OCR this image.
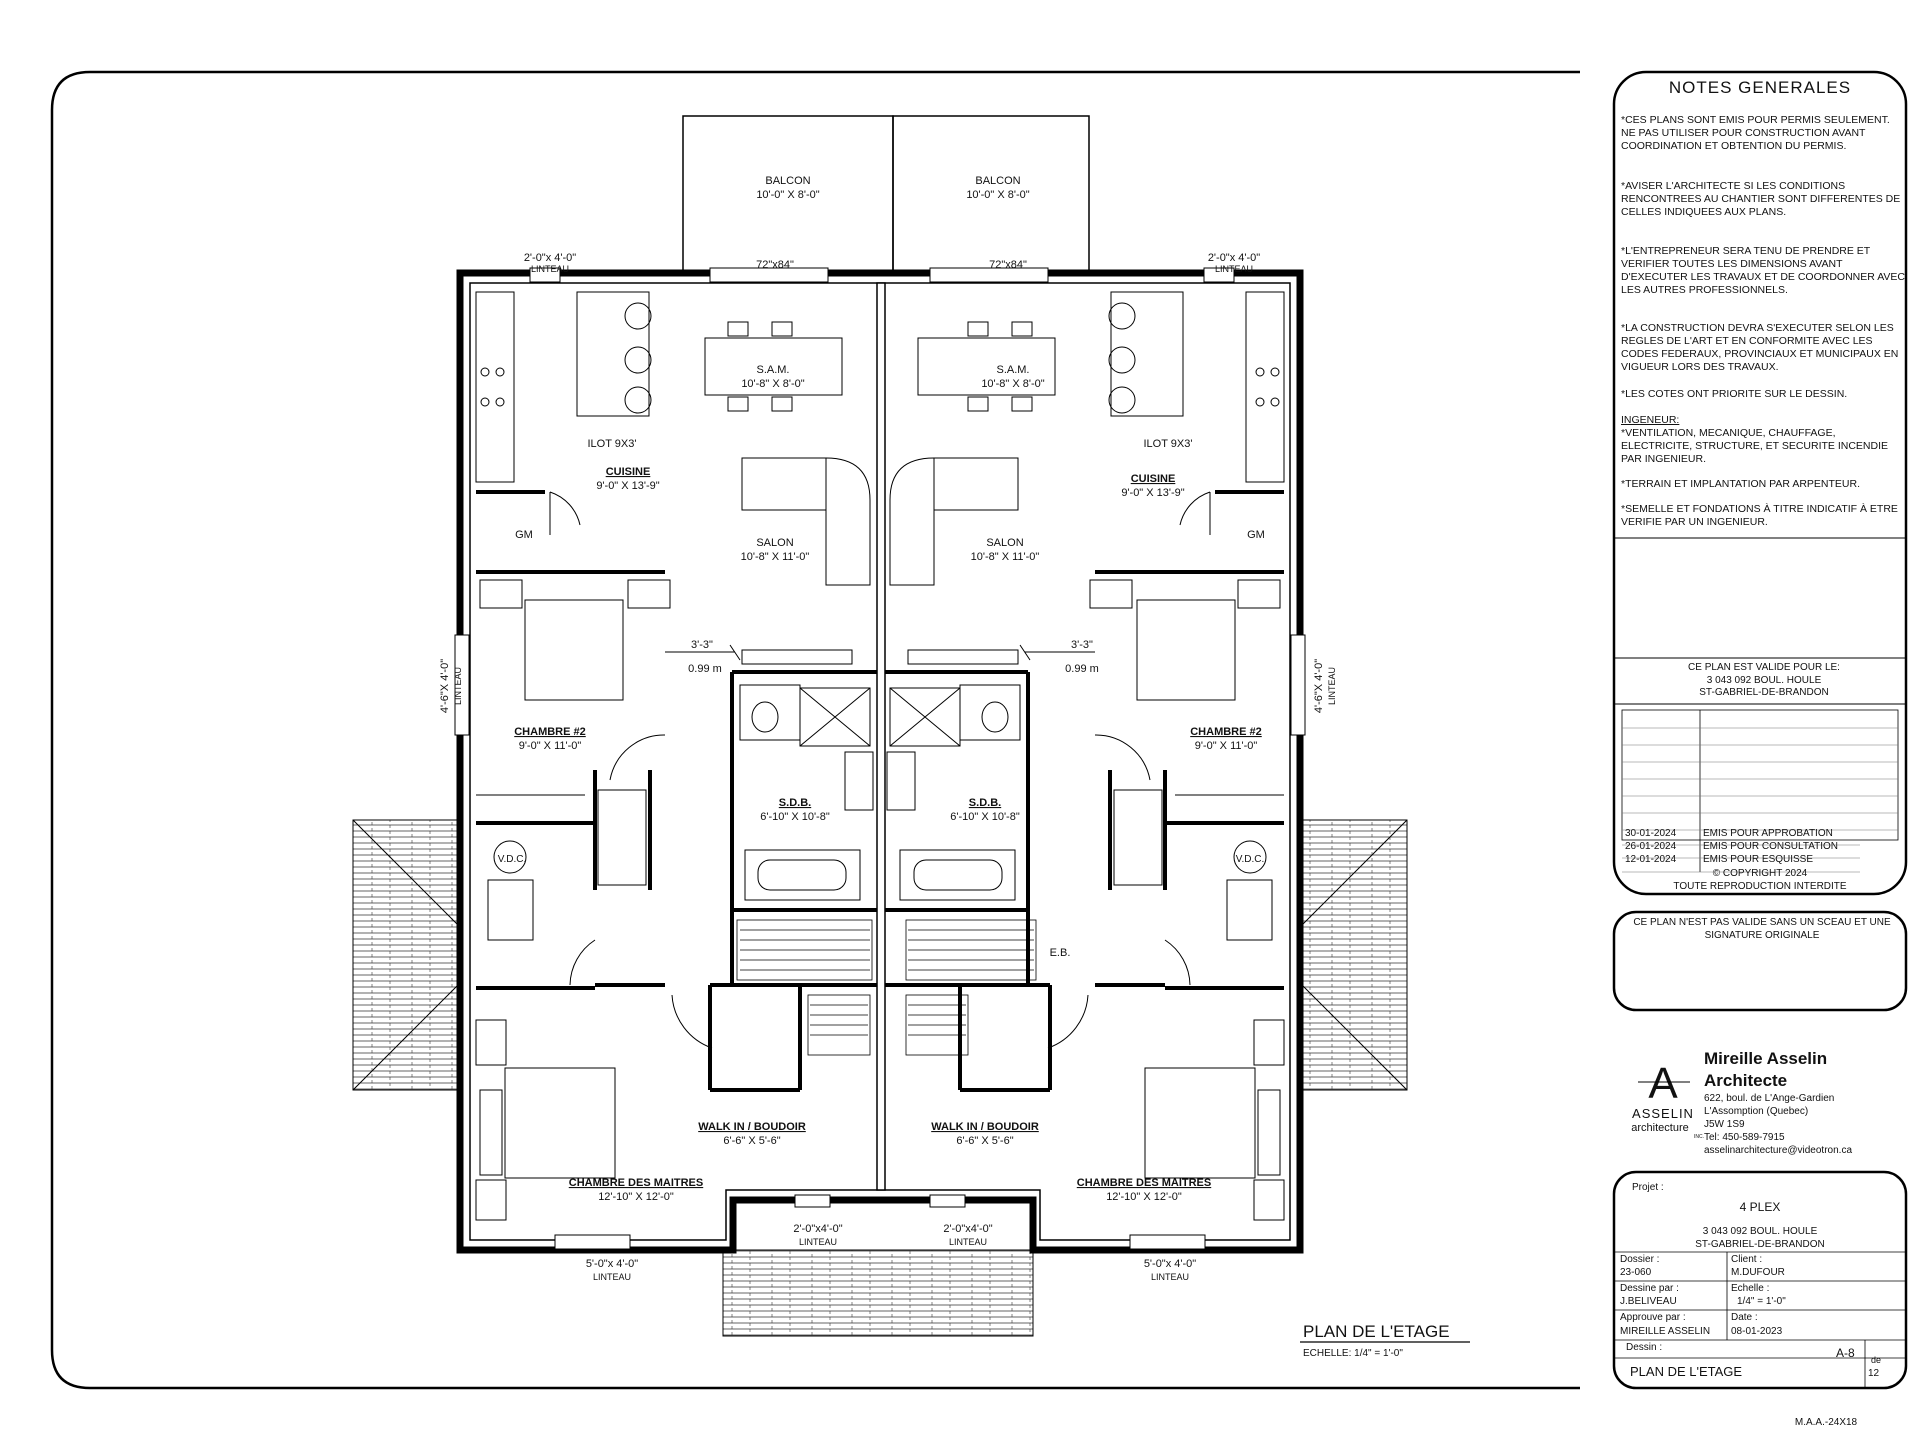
BALCON
10'-0" X 8'-0"
BALCON
10'-0" X 8'-0"
2'-0"x 4'-0"
LINTEAU
2'-0"x 4'-0"
LINTEAU
72"x84"	72"x84"
S.A.M.
10'-8" X 8'-0"
S.A.M.
10'-8" X 8'-0"
ILOT 9X3'	ILOT 9X3'
CUISINE
9'-0" X 13'-9"
CUISINE
9'-0" X 13'-9"
GM	GM
SALON
10'-8" X 11'-0"
SALON
10'-8" X 11'-0"
3'-3"
0.99 m
3'-3"
0.99 m
CHAMBRE #2
9'-0" X 11'-0"
CHAMBRE #2
9'-0" X 11'-0"
S.D.B.
6'-10" X 10'-8"
S.D.B.
6'-10" X 10'-8"
V.D.C.	V.D.C.
E.B.
WALK IN / BOUDOIR
6'-6" X 5'-6"
WALK IN / BOUDOIR
6'-6" X 5'-6"
CHAMBRE DES MAITRES
12'-10" X 12'-0"
CHAMBRE DES MAITRES
12'-10" X 12'-0"
2'-0"x4'-0"
LINTEAU
2'-0"x4'-0"
LINTEAU
5'-0"x 4'-0"
LINTEAU
5'-0"x 4'-0"
LINTEAU
4'-6"X 4'-0" LINTEAU	4'-6"X 4'-0" LINTEAU
PLAN DE L'ETAGE
ECHELLE: 1/4" = 1'-0"
A
ASSELIN
architecture
INC.
M.A.A.-24X18
NOTES GENERALES
*CES PLANS SONT EMIS POUR PERMIS SEULEMENT. NE PAS UTILISER POUR CONSTRUCTION AVANT COORDINATION ET OBTENTION DU PERMIS.
*AVISER L'ARCHITECTE SI LES CONDITIONS RENCONTREES AU CHANTIER SONT DIFFERENTES DE CELLES INDIQUEES AUX PLANS.
*L'ENTREPRENEUR SERA TENU DE PRENDRE ET VERIFIER TOUTES LES DIMENSIONS AVANT D'EXECUTER LES TRAVAUX ET DE COORDONNER AVEC LES AUTRES PROFESSIONNELS.
*LA CONSTRUCTION DEVRA S'EXECUTER SELON LES REGLES DE L'ART ET EN CONFORMITE AVEC LES CODES FEDERAUX, PROVINCIAUX ET MUNICIPAUX EN VIGUEUR LORS DES TRAVAUX.
*LES COTES ONT PRIORITE SUR LE DESSIN.
INGENEUR:
*VENTILATION, MECANIQUE, CHAUFFAGE, ELECTRICITE, STRUCTURE, ET SECURITE INCENDIE PAR INGENIEUR.
*TERRAIN ET IMPLANTATION PAR ARPENTEUR.
*SEMELLE ET FONDATIONS À TITRE INDICATIF À ETRE VERIFIE PAR UN INGENIEUR.
CE PLAN EST VALIDE POUR LE:
3 043 092 BOUL. HOULE
ST-GABRIEL-DE-BRANDON
30-01-2024	EMIS POUR APPROBATION
26-01-2024	EMIS POUR CONSULTATION
12-01-2024	EMIS POUR ESQUISSE
© COPYRIGHT 2024
TOUTE REPRODUCTION INTERDITE
CE PLAN N'EST PAS VALIDE SANS UN SCEAU ET UNE SIGNATURE ORIGINALE
Mireille Asselin
Architecte
622, boul. de L'Ange-Gardien
L'Assomption (Quebec)
J5W 1S9
Tel: 450-589-7915
asselinarchitecture@videotron.ca
Projet :
4 PLEX
3 043 092 BOUL. HOULE
ST-GABRIEL-DE-BRANDON
Dossier :
23-060
Client :
M.DUFOUR
Dessine par :
J.BELIVEAU
Echelle :
1/4" = 1'-0"
Approuve par :
MIREILLE ASSELIN
Date :
08-01-2023
Dessin :
PLAN DE L'ETAGE
A-8 de
12
